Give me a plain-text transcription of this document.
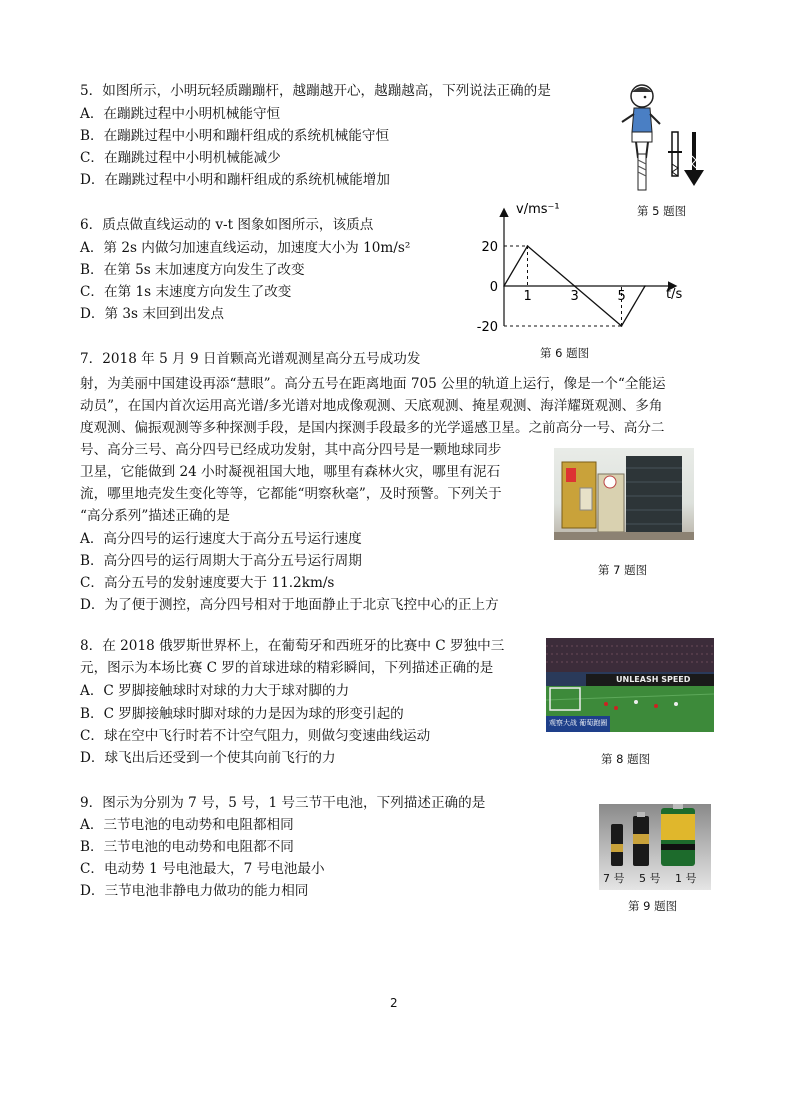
5．如图所示，小明玩轻质蹦蹦杆，越蹦越开心，越蹦越高，下列说法正确的是
A．在蹦跳过程中小明机械能守恒
B．在蹦跳过程中小明和蹦杆组成的系统机械能守恒
C．在蹦跳过程中小明机械能减少
D．在蹦跳过程中小明和蹦杆组成的系统机械能增加
第 5 题图
6．质点做直线运动的 v-t 图象如图所示，该质点
A．第 2s 内做匀加速直线运动，加速度大小为 10m/s²
B．在第 5s 末加速度方向发生了改变
C．在第 1s 末速度方向发生了改变
D．第 3s 末回到出发点
v/ms⁻¹
t/s
1	3	5
20
0
-20
第 6 题图
7．2018 年 5 月 9 日首颗高光谱观测星高分五号成功发
射，为美丽中国建设再添“慧眼”。高分五号在距离地面 705 公里的轨道上运行，像是一个“全能运
动员”，在国内首次运用高光谱/多光谱对地成像观测、天底观测、掩星观测、海洋耀斑观测、多角
度观测、偏振观测等多种探测手段，是国内探测手段最多的光学遥感卫星。之前高分一号、高分二
号、高分三号、高分四号已经成功发射，其中高分四号是一颗地球同步
卫星，它能做到 24 小时凝视祖国大地，哪里有森林火灾，哪里有泥石
流，哪里地壳发生变化等等，它都能“明察秋毫”，及时预警。下列关于
“高分系列”描述正确的是
A．高分四号的运行速度大于高分五号运行速度
B．高分四号的运行周期大于高分五号运行周期
C．高分五号的发射速度要大于 11.2km/s
D．为了便于测控，高分四号相对于地面静止于北京飞控中心的正上方
第 7 题图
8．在 2018 俄罗斯世界杯上，在葡萄牙和西班牙的比赛中 C 罗独中三
元，图示为本场比赛 C 罗的首球进球的精彩瞬间，下列描述正确的是
A．C 罗脚接触球时对球的力大于球对脚的力
B．C 罗脚接触球时脚对球的力是因为球的形变引起的
C．球在空中飞行时若不计空气阻力，则做匀变速曲线运动
D．球飞出后还受到一个使其向前飞行的力
UNLEASH SPEED
观察大战 葡萄跑圈
第 8 题图
9．图示为分别为 7 号，5 号，1 号三节干电池，下列描述正确的是
A．三节电池的电动势和电阻都相同
B．三节电池的电动势和电阻都不同
C．电动势 1 号电池最大，7 号电池最小
D．三节电池非静电力做功的能力相同
7 号 5 号 1 号
第 9 题图
2
